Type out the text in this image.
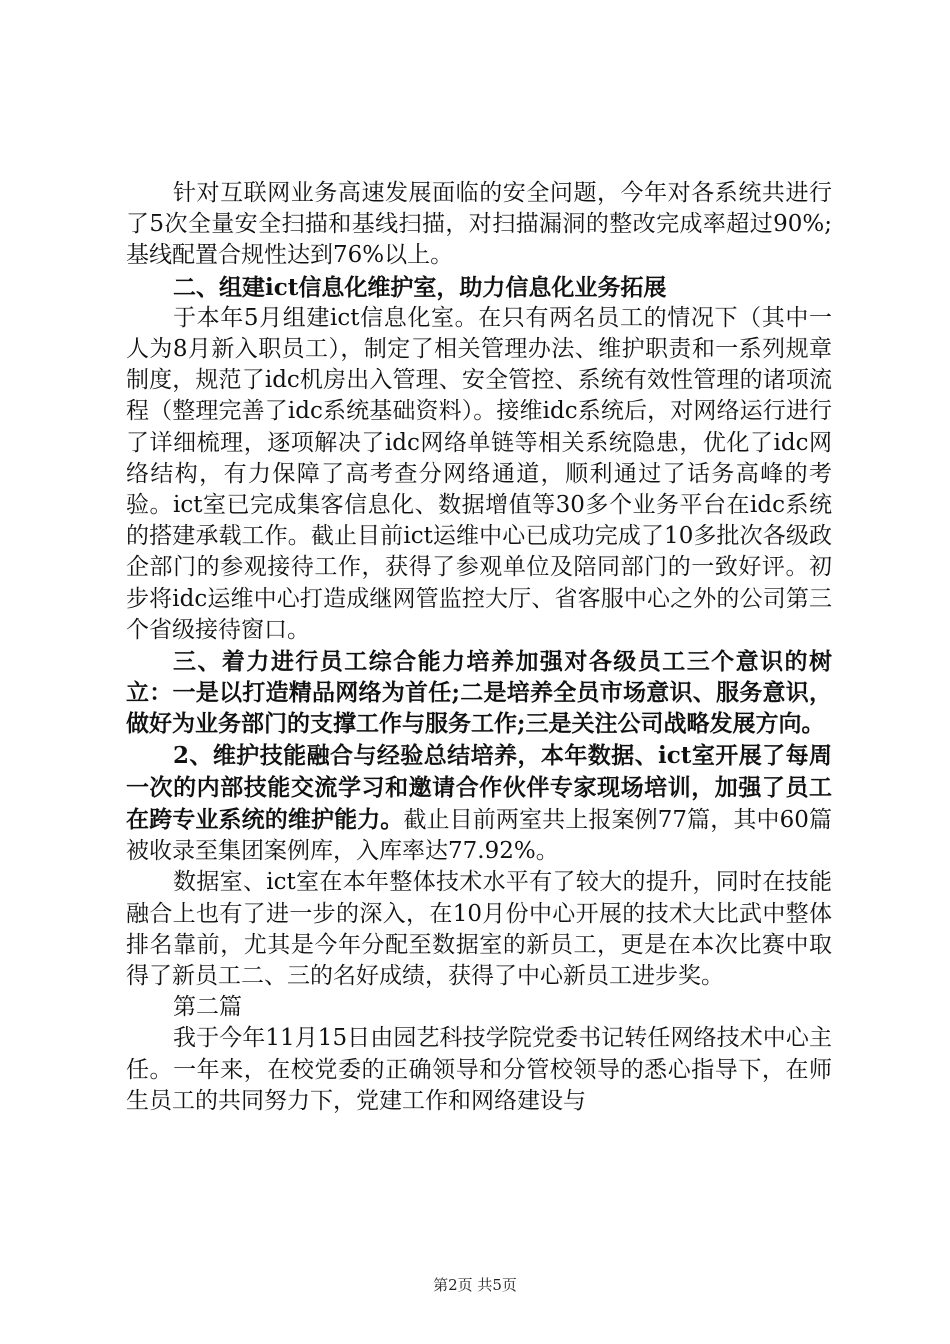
针对互联网业务高速发展面临的安全问题，今年对各系统共进行了5次全量安全扫描和基线扫描，对扫描漏洞的整改完成率超过90%;基线配置合规性达到76%以上。

二、组建ict信息化维护室，助力信息化业务拓展

于本年5月组建ict信息化室。在只有两名员工的情况下（其中一人为8月新入职员工），制定了相关管理办法、维护职责和一系列规章制度，规范了idc机房出入管理、安全管控、系统有效性管理的诸项流程（整理完善了idc系统基础资料）。接维idc系统后，对网络运行进行了详细梳理，逐项解决了idc网络单链等相关系统隐患，优化了idc网络结构，有力保障了高考查分网络通道，顺利通过了话务高峰的考验。ict室已完成集客信息化、数据增值等30多个业务平台在idc系统的搭建承载工作。截止目前ict运维中心已成功完成了10多批次各级政企部门的参观接待工作，获得了参观单位及陪同部门的一致好评。初步将idc运维中心打造成继网管监控大厅、省客服中心之外的公司第三个省级接待窗口。

三、着力进行员工综合能力培养加强对各级员工三个意识的树立：一是以打造精品网络为首任;二是培养全员市场意识、服务意识，做好为业务部门的支撑工作与服务工作;三是关注公司战略发展方向。

2、维护技能融合与经验总结培养，本年数据、ict室开展了每周一次的内部技能交流学习和邀请合作伙伴专家现场培训，加强了员工在跨专业系统的维护能力。截止目前两室共上报案例77篇，其中60篇被收录至集团案例库，入库率达77.92%。

数据室、ict室在本年整体技术水平有了较大的提升，同时在技能融合上也有了进一步的深入，在10月份中心开展的技术大比武中整体排名靠前，尤其是今年分配至数据室的新员工，更是在本次比赛中取得了新员工二、三的名好成绩，获得了中心新员工进步奖。

第二篇

我于今年11月15日由园艺科技学院党委书记转任网络技术中心主任。一年来，在校党委的正确领导和分管校领导的悉心指导下，在师生员工的共同努力下，党建工作和网络建设与

第2页 共5页
